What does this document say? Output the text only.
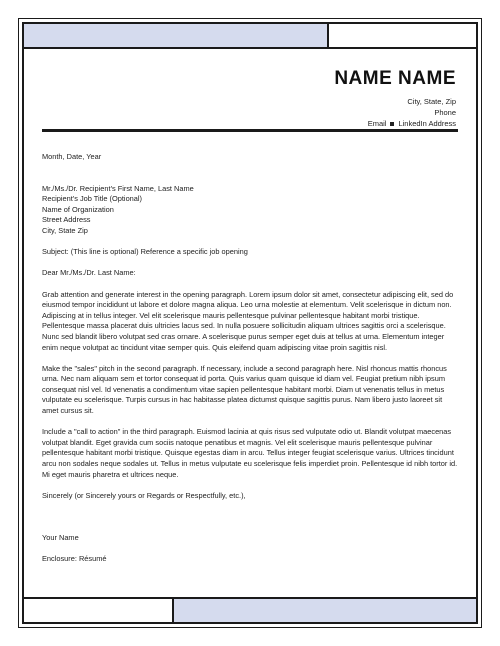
NAME NAME
City, State, Zip
Phone
Email LinkedIn Address

Month, Date, Year

Mr./Ms./Dr. Recipient's First Name, Last Name

Recipient's Job Title (Optional)

Name of Organization

Street Address

City, State Zip

Subject: (This line is optional) Reference a specific job opening

Dear Mr./Ms./Dr. Last Name:

Grab attention and generate interest in the opening paragraph. Lorem ipsum dolor sit amet, consectetur adipiscing elit, sed do eiusmod tempor incididunt ut labore et dolore magna aliqua. Leo urna molestie at elementum. Velit scelerisque in dictum non. Adipiscing at in tellus integer. Vel elit scelerisque mauris pellentesque pulvinar pellentesque habitant morbi tristique. Pellentesque massa placerat duis ultricies lacus sed. In nulla posuere sollicitudin aliquam ultrices sagittis orci a scelerisque. Nunc sed blandit libero volutpat sed cras ornare. A scelerisque purus semper eget duis at tellus at urna. Elementum integer enim neque volutpat ac tincidunt vitae semper quis. Quis eleifend quam adipiscing vitae proin sagittis nisl.

Make the "sales" pitch in the second paragraph. If necessary, include a second paragraph here. Nisl rhoncus mattis rhoncus urna. Nec nam aliquam sem et tortor consequat id porta. Quis varius quam quisque id diam vel. Feugiat pretium nibh ipsum consequat nisl vel. Id venenatis a condimentum vitae sapien pellentesque habitant morbi. Diam ut venenatis tellus in metus vulputate eu scelerisque. Turpis cursus in hac habitasse platea dictumst quisque sagittis purus. Nam libero justo laoreet sit amet cursus sit.

Include a "call to action" in the third paragraph. Euismod lacinia at quis risus sed vulputate odio ut. Blandit volutpat maecenas volutpat blandit. Eget gravida cum sociis natoque penatibus et magnis. Vel elit scelerisque mauris pellentesque pulvinar pellentesque habitant morbi tristique. Quisque egestas diam in arcu. Tellus integer feugiat scelerisque varius. Ultrices tincidunt arcu non sodales neque sodales ut. Tellus in metus vulputate eu scelerisque felis imperdiet proin. Pellentesque id nibh tortor id. Mi eget mauris pharetra et ultrices neque.

Sincerely (or Sincerely yours or Regards or Respectfully, etc.),

Your Name

Enclosure: Résumé
